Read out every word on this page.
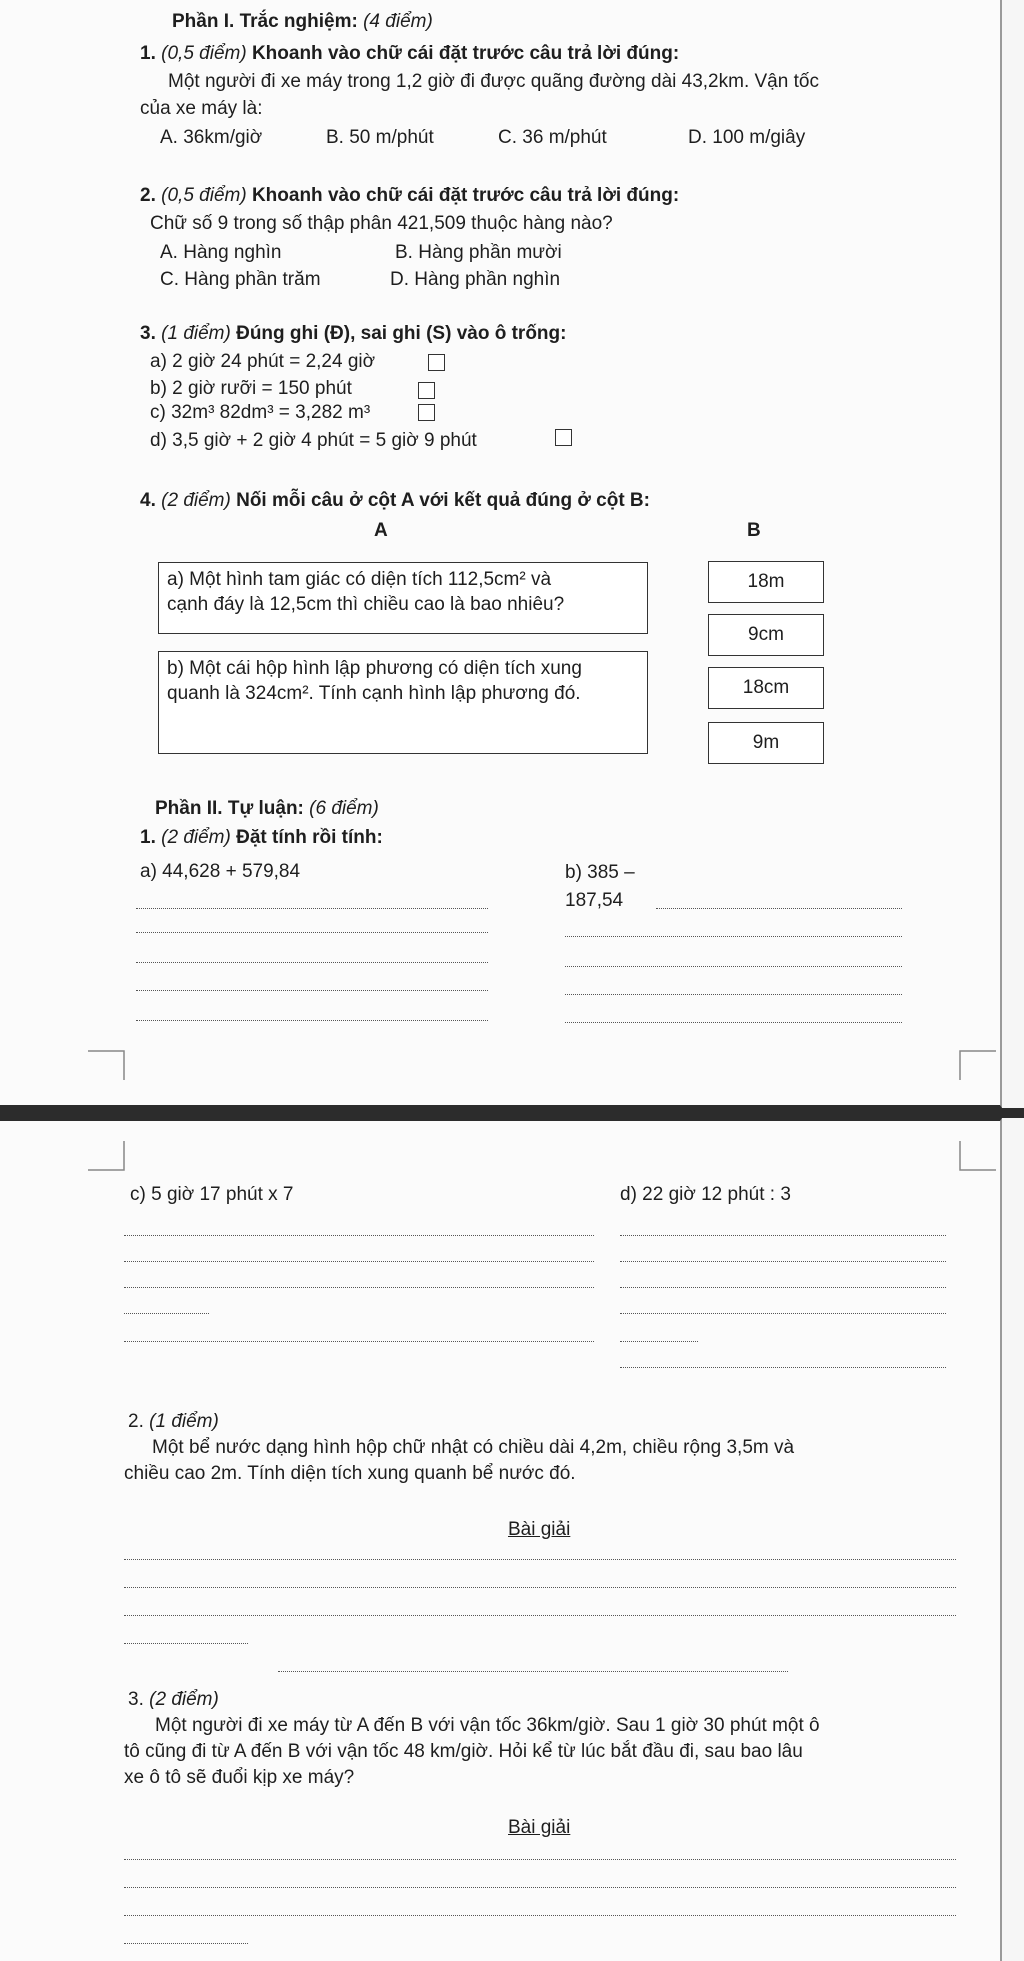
Phần I. Trắc nghiệm: (4 điểm)
1. (0,5 điểm) Khoanh vào chữ cái đặt trước câu trả lời đúng:
Một người đi xe máy trong 1,2 giờ đi được quãng đường dài 43,2km. Vận tốc
của xe máy là:
A. 36km/giờ	B. 50 m/phút	C. 36 m/phút	D. 100 m/giây
2. (0,5 điểm) Khoanh vào chữ cái đặt trước câu trả lời đúng:
Chữ số 9 trong số thập phân 421,509 thuộc hàng nào?
A. Hàng nghìn	B. Hàng phần mười
C. Hàng phần trăm	D. Hàng phần nghìn
3. (1 điểm) Đúng ghi (Đ), sai ghi (S) vào ô trống:
a) 2 giờ 24 phút = 2,24 giờ
b) 2 giờ rưỡi = 150 phút
c) 32m³ 82dm³ = 3,282 m³
d) 3,5 giờ + 2 giờ 4 phút = 5 giờ 9 phút
4. (2 điểm) Nối mỗi câu ở cột A với kết quả đúng ở cột B:
A	B
a) Một hình tam giác có diện tích 112,5cm² và cạnh đáy là 12,5cm thì chiều cao là bao nhiêu?
b) Một cái hộp hình lập phương có diện tích xung quanh là 324cm². Tính cạnh hình lập phương đó.
18m
9cm
18cm
9m
Phần II. Tự luận: (6 điểm)
1. (2 điểm) Đặt tính rồi tính:
a) 44,628 + 579,84	b) 385 –
187,54
c) 5 giờ 17 phút x 7	d) 22 giờ 12 phút : 3
2. (1 điểm)
Một bể nước dạng hình hộp chữ nhật có chiều dài 4,2m, chiều rộng 3,5m và
chiều cao 2m. Tính diện tích xung quanh bể nước đó.
Bài giải
3. (2 điểm)
Một người đi xe máy từ A đến B với vận tốc 36km/giờ. Sau 1 giờ 30 phút một ô
tô cũng đi từ A đến B với vận tốc 48 km/giờ. Hỏi kể từ lúc bắt đầu đi, sau bao lâu
xe ô tô sẽ đuổi kịp xe máy?
Bài giải
